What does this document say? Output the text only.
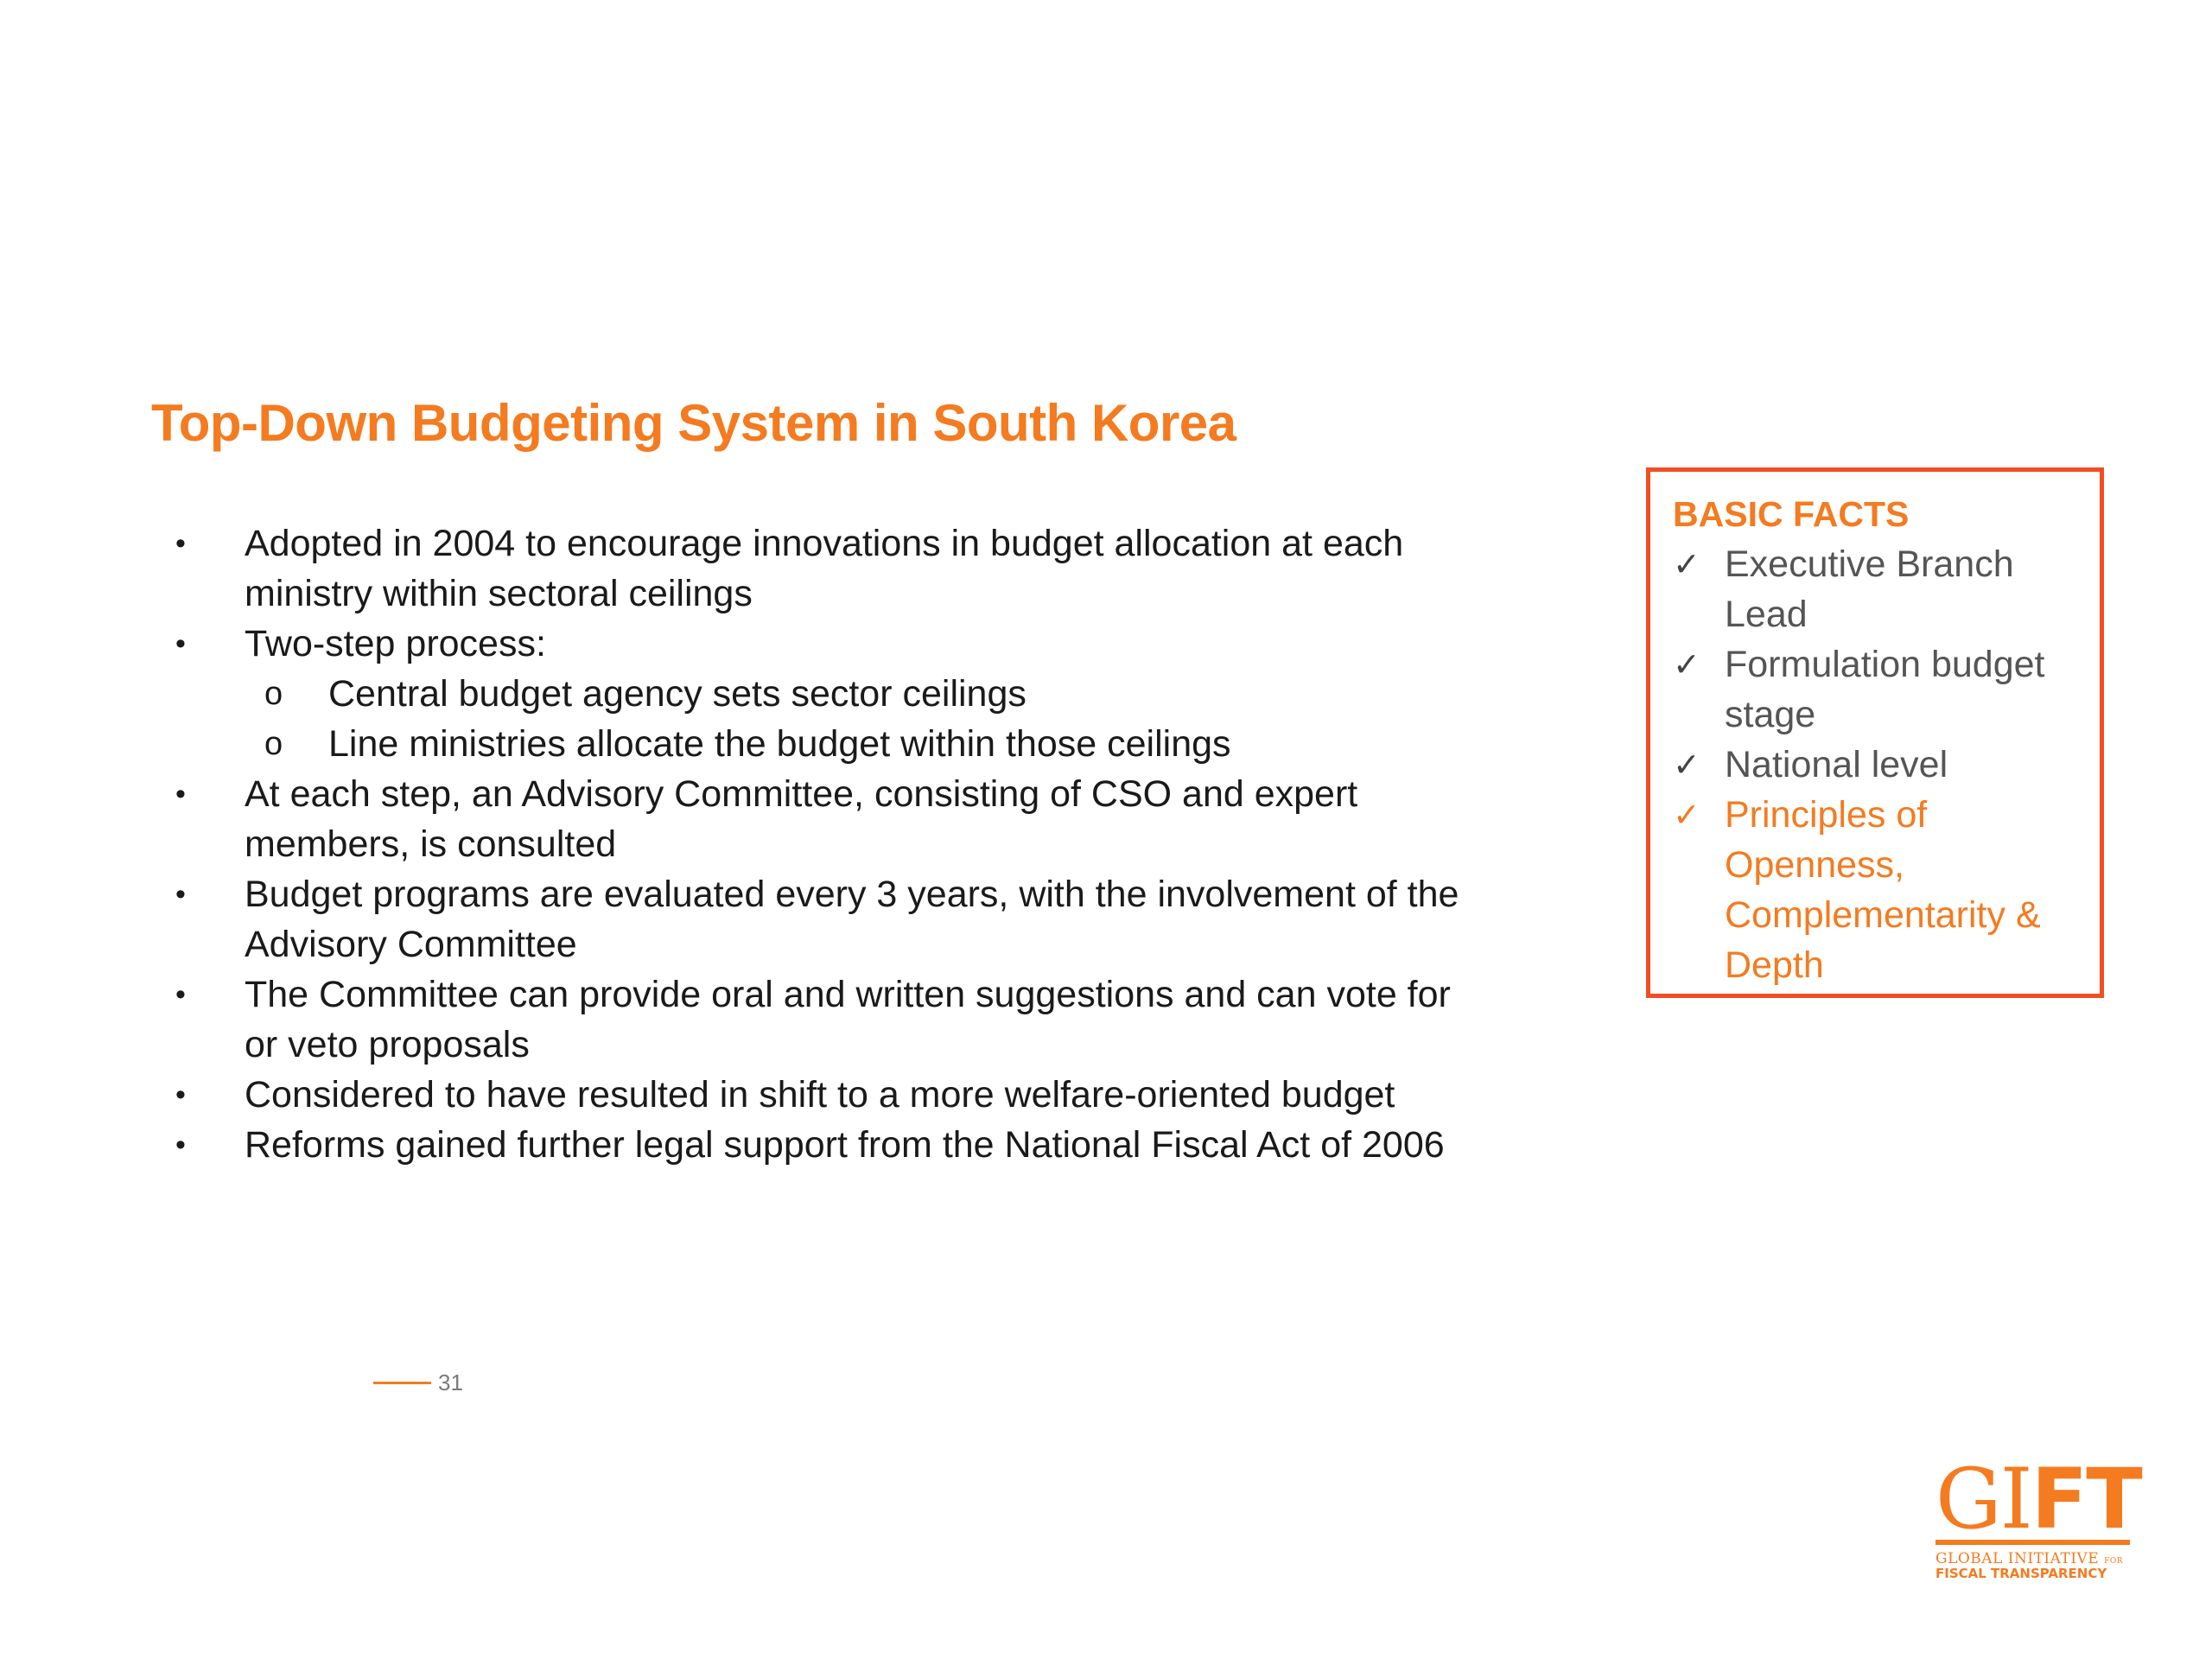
Top-Down Budgeting System in South Korea
•	Adopted in 2004 to encourage innovations in budget allocation at each ministry within sectoral ceilings
•	Two-step process:
o Central budget agency sets sector ceilings
o Line ministries allocate the budget within those ceilings
•	At each step, an Advisory Committee, consisting of CSO and expert members, is consulted
•	Budget programs are evaluated every 3 years, with the involvement of the Advisory Committee
•	The Committee can provide oral and written suggestions and can vote for or veto proposals
•	Considered to have resulted in shift to a more welfare-oriented budget
•	Reforms gained further legal support from the National Fiscal Act of 2006
31

BASIC FACTS

✓ Executive Branch Lead
✓ Formulation budget stage
✓ National level
✓ Principles of Openness, Complementarity & Depth
GIFT
GLOBAL INITIATIVE FOR
FISCAL TRANSPARENCY
